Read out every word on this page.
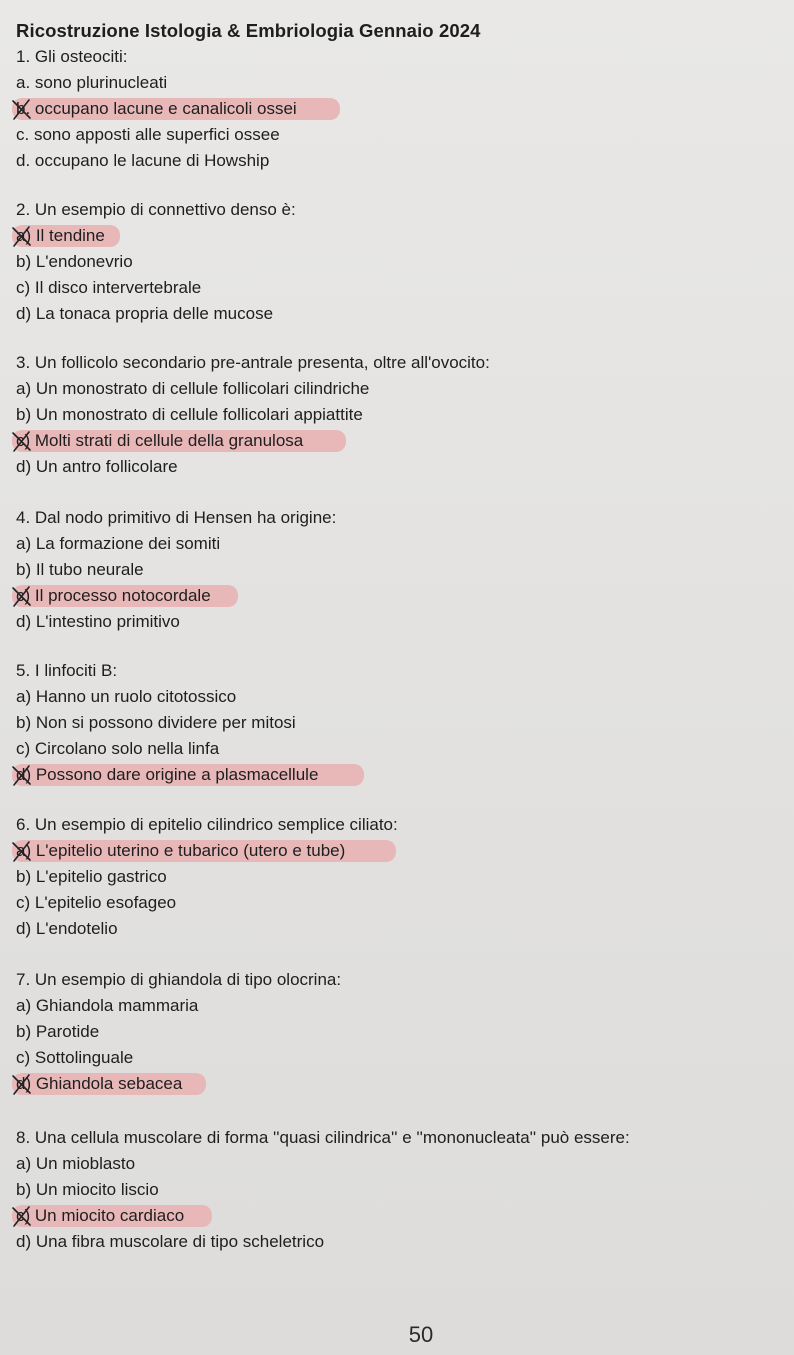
Ricostruzione Istologia & Embriologia Gennaio 2024
1. Gli osteociti:
a. sono plurinucleati
b. occupano lacune e canalicoli ossei
c. sono apposti alle superfici ossee
d. occupano le lacune di Howship
2. Un esempio di connettivo denso è:
a) Il tendine
b) L'endonevrio
c) Il disco intervertebrale
d) La tonaca propria delle mucose
3. Un follicolo secondario pre-antrale presenta, oltre all'ovocito:
a) Un monostrato di cellule follicolari cilindriche
b) Un monostrato di cellule follicolari appiattite
c) Molti strati di cellule della granulosa
d) Un antro follicolare
4. Dal nodo primitivo di Hensen ha origine:
a) La formazione dei somiti
b) Il tubo neurale
c) Il processo notocordale
d) L'intestino primitivo
5. I linfociti B:
a) Hanno un ruolo citotossico
b) Non si possono dividere per mitosi
c) Circolano solo nella linfa
d) Possono dare origine a plasmacellule
6. Un esempio di epitelio cilindrico semplice ciliato:
a) L'epitelio uterino e tubarico (utero e tube)
b) L'epitelio gastrico
c) L'epitelio esofageo
d) L'endotelio
7. Un esempio di ghiandola di tipo olocrina:
a) Ghiandola mammaria
b) Parotide
c) Sottolinguale
d) Ghiandola sebacea
8. Una cellula muscolare di forma ''quasi cilindrica'' e ''mononucleata'' può essere:
a) Un mioblasto
b) Un miocito liscio
c) Un miocito cardiaco
d) Una fibra muscolare di tipo scheletrico
50
